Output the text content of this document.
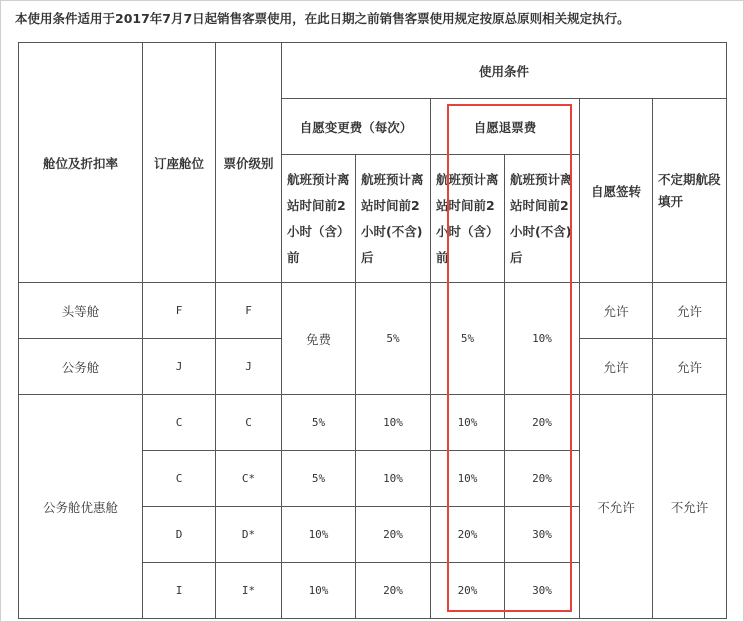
本使用条件适用于2017年7月7日起销售客票使用，在此日期之前销售客票使用规定按原总原则相关规定执行。
舱位及折扣率	订座舱位	票价级别	使用条件					
			自愿变更费（每次）		自愿退票费		自愿签转	不定期航段填开
			航班预计离站时间前2小时（含）前	航班预计离站时间前2小时(不含)后	航班预计离站时间前2小时（含）前	航班预计离站时间前2小时(不含)后		
头等舱	F	F	免费	5%	5%	10%	允许	允许
公务舱	J	J					允许	允许
公务舱优惠舱	C	C	5%	10%	10%	20%	不允许	不允许
	C	C*	5%	10%	10%	20%		
	D	D*	10%	20%	20%	30%		
	I	I*	10%	20%	20%	30%		
